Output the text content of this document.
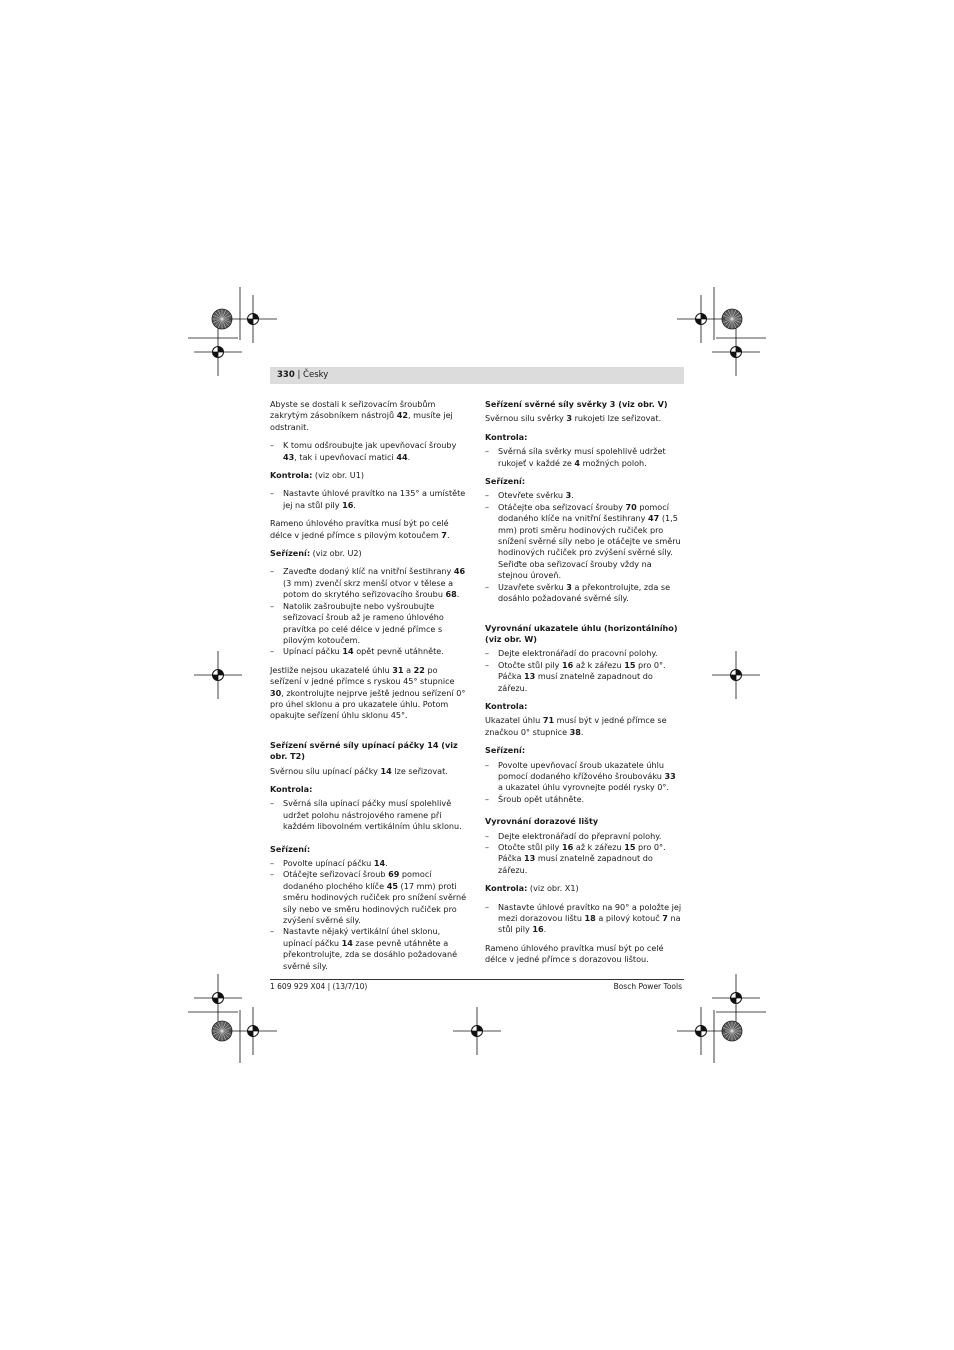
330 | Česky

Abyste se dostali k seřizovacím šroubům zakrytým zásobníkem nástrojů 42, musíte jej odstranit.

– K tomu odšroubujte jak upevňovací šrouby 43, tak i upevňovací matici 44.

Kontrola: (viz obr. U1)

– Nastavte úhlové pravítko na 135° a umístěte jej na stůl pily 16.

Rameno úhlového pravítka musí být po celé délce v jedné přímce s pilovým kotoučem 7.

Seřízení: (viz obr. U2)

– Zaveďte dodaný klíč na vnitřní šestihrany 46 (3 mm) zvenčí skrz menší otvor v tělese a potom do skrytého seřizovacího šroubu 68.
– Natolik zašroubujte nebo vyšroubujte seřizovací šroub až je rameno úhlového pravítka po celé délce v jedné přímce s pilovým kotoučem.
– Upínací páčku 14 opět pevně utáhněte.

Jestliže nejsou ukazatelé úhlu 31 a 22 po seřízení v jedné přímce s ryskou 45° stupnice 30, zkontrolujte nejprve ještě jednou seřízení 0° pro úhel sklonu a pro ukazatele úhlu. Potom opakujte seřízení úhlu sklonu 45°.

Seřízení svěrné síly upínací páčky 14 (viz obr. T2)

Svěrnou sílu upínací páčky 14 lze seřizovat.

Kontrola:

– Svěrná síla upínací páčky musí spolehlivě udržet polohu nástrojového ramene při každém libovolném vertikálním úhlu sklonu.

Seřízení:

– Povolte upínací páčku 14.
– Otáčejte seřizovací šroub 69 pomocí dodaného plochého klíče 45 (17 mm) proti směru hodinových ručiček pro snížení svěrné síly nebo ve směru hodinových ručiček pro zvýšení svěrné síly.
– Nastavte nějaký vertikální úhel sklonu, upínací páčku 14 zase pevně utáhněte a překontrolujte, zda se dosáhlo požadované svěrné síly.

Seřízení svěrné síly svěrky 3 (viz obr. V)

Svěrnou silu svěrky 3 rukojeti lze seřizovat.

Kontrola:

– Svěrná síla svěrky musí spolehlivě udržet rukojeť v každé ze 4 možných poloh.

Seřízení:

– Otevřete svěrku 3.
– Otáčejte oba seřizovací šrouby 70 pomocí dodaného klíče na vnitřní šestihrany 47 (1,5 mm) proti směru hodinových ručiček pro snížení svěrné síly nebo je otáčejte ve směru hodinových ručiček pro zvýšení svěrné síly.
Seřiďte oba seřizovací šrouby vždy na stejnou úroveň.
– Uzavřete svěrku 3 a překontrolujte, zda se dosáhlo požadované svěrné síly.

Vyrovnání ukazatele úhlu (horizontálního) (viz obr. W)

– Dejte elektronářadí do pracovní polohy.
– Otočte stůl pily 16 až k zářezu 15 pro 0°. Páčka 13 musí znatelně zapadnout do zářezu.

Kontrola:

Ukazatel úhlu 71 musí být v jedné přímce se značkou 0° stupnice 38.

Seřízení:

– Povolte upevňovací šroub ukazatele úhlu pomocí dodaného křížového šroubováku 33 a ukazatel úhlu vyrovnejte podél rysky 0°.
– Šroub opět utáhněte.

Vyrovnání dorazové lišty

– Dejte elektronářadí do přepravní polohy.
– Otočte stůl pily 16 až k zářezu 15 pro 0°. Páčka 13 musí znatelně zapadnout do zářezu.

Kontrola: (viz obr. X1)

– Nastavte úhlové pravítko na 90° a položte jej mezi dorazovou lištu 18 a pilový kotouč 7 na stůl pily 16.

Rameno úhlového pravítka musí být po celé délce v jedné přímce s dorazovou lištou.

1 609 929 X04 | (13/7/10)	Bosch Power Tools
